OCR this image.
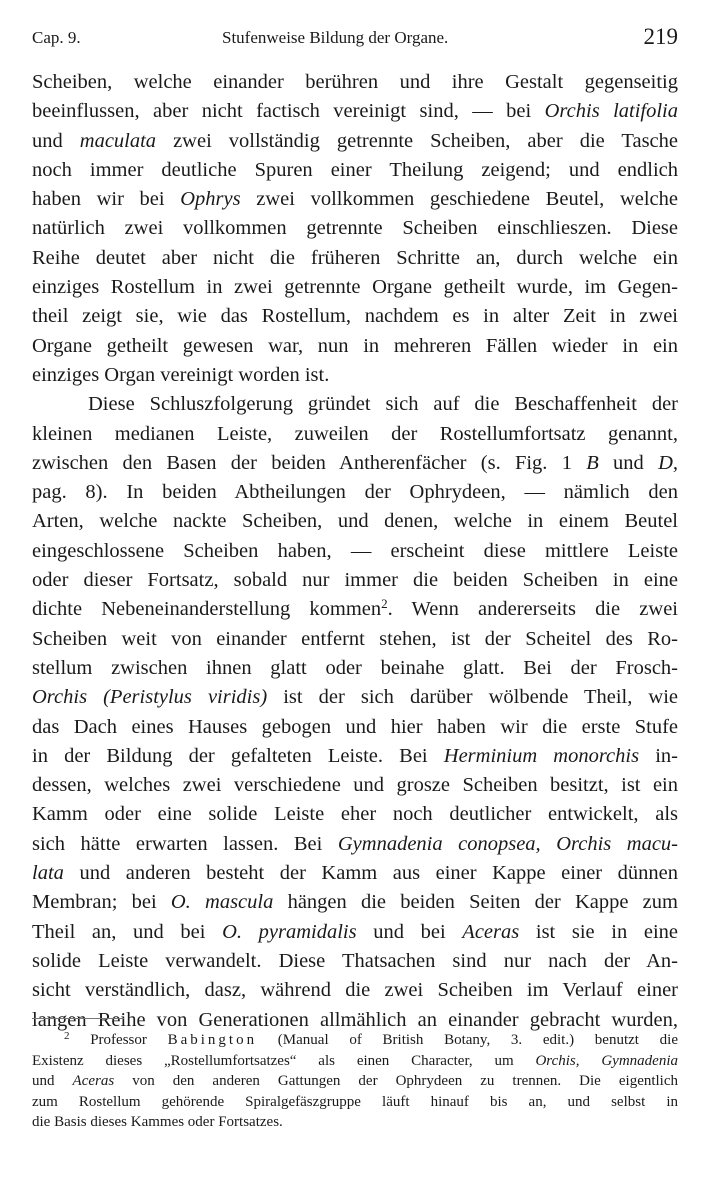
Cap. 9.	Stufenweise Bildung der Organe.	219
Scheiben, welche einander berühren und ihre Gestalt gegenseitig
beeinflussen, aber nicht factisch vereinigt sind, — bei Orchis latifolia
und maculata zwei vollständig getrennte Scheiben, aber die Tasche
noch immer deutliche Spuren einer Theilung zeigend; und endlich
haben wir bei Ophrys zwei vollkommen geschiedene Beutel, welche
natürlich zwei vollkommen getrennte Scheiben einschlieszen. Diese
Reihe deutet aber nicht die früheren Schritte an, durch welche ein
einziges Rostellum in zwei getrennte Organe getheilt wurde, im Gegen-
theil zeigt sie, wie das Rostellum, nachdem es in alter Zeit in zwei
Organe getheilt gewesen war, nun in mehreren Fällen wieder in ein
einziges Organ vereinigt worden ist.
Diese Schluszfolgerung gründet sich auf die Beschaffenheit der
kleinen medianen Leiste, zuweilen der Rostellumfortsatz genannt,
zwischen den Basen der beiden Antherenfächer (s. Fig. 1 B und D,
pag. 8). In beiden Abtheilungen der Ophrydeen, — nämlich den
Arten, welche nackte Scheiben, und denen, welche in einem Beutel
eingeschlossene Scheiben haben, — erscheint diese mittlere Leiste
oder dieser Fortsatz, sobald nur immer die beiden Scheiben in eine
dichte Nebeneinanderstellung kommen$^2$. Wenn andererseits die zwei
Scheiben weit von einander entfernt stehen, ist der Scheitel des Ro-
stellum zwischen ihnen glatt oder beinahe glatt. Bei der Frosch-
Orchis (Peristylus viridis) ist der sich darüber wölbende Theil, wie
das Dach eines Hauses gebogen und hier haben wir die erste Stufe
in der Bildung der gefalteten Leiste. Bei Herminium monorchis in-
dessen, welches zwei verschiedene und grosze Scheiben besitzt, ist ein
Kamm oder eine solide Leiste eher noch deutlicher entwickelt, als
sich hätte erwarten lassen. Bei Gymnadenia conopsea, Orchis macu-
lata und anderen besteht der Kamm aus einer Kappe einer dünnen
Membran; bei O. mascula hängen die beiden Seiten der Kappe zum
Theil an, und bei O. pyramidalis und bei Aceras ist sie in eine
solide Leiste verwandelt. Diese Thatsachen sind nur nach der An-
sicht verständlich, dasz, während die zwei Scheiben im Verlauf einer
langen Reihe von Generationen allmählich an einander gebracht wurden,
$^2$ Professor Babington (Manual of British Botany, 3. edit.) benutzt die
Existenz dieses „Rostellumfortsatzes“ als einen Character, um Orchis, Gymnadenia
und Aceras von den anderen Gattungen der Ophrydeen zu trennen. Die eigentlich
zum Rostellum gehörende Spiralgefäszgruppe läuft hinauf bis an, und selbst in
die Basis dieses Kammes oder Fortsatzes.
